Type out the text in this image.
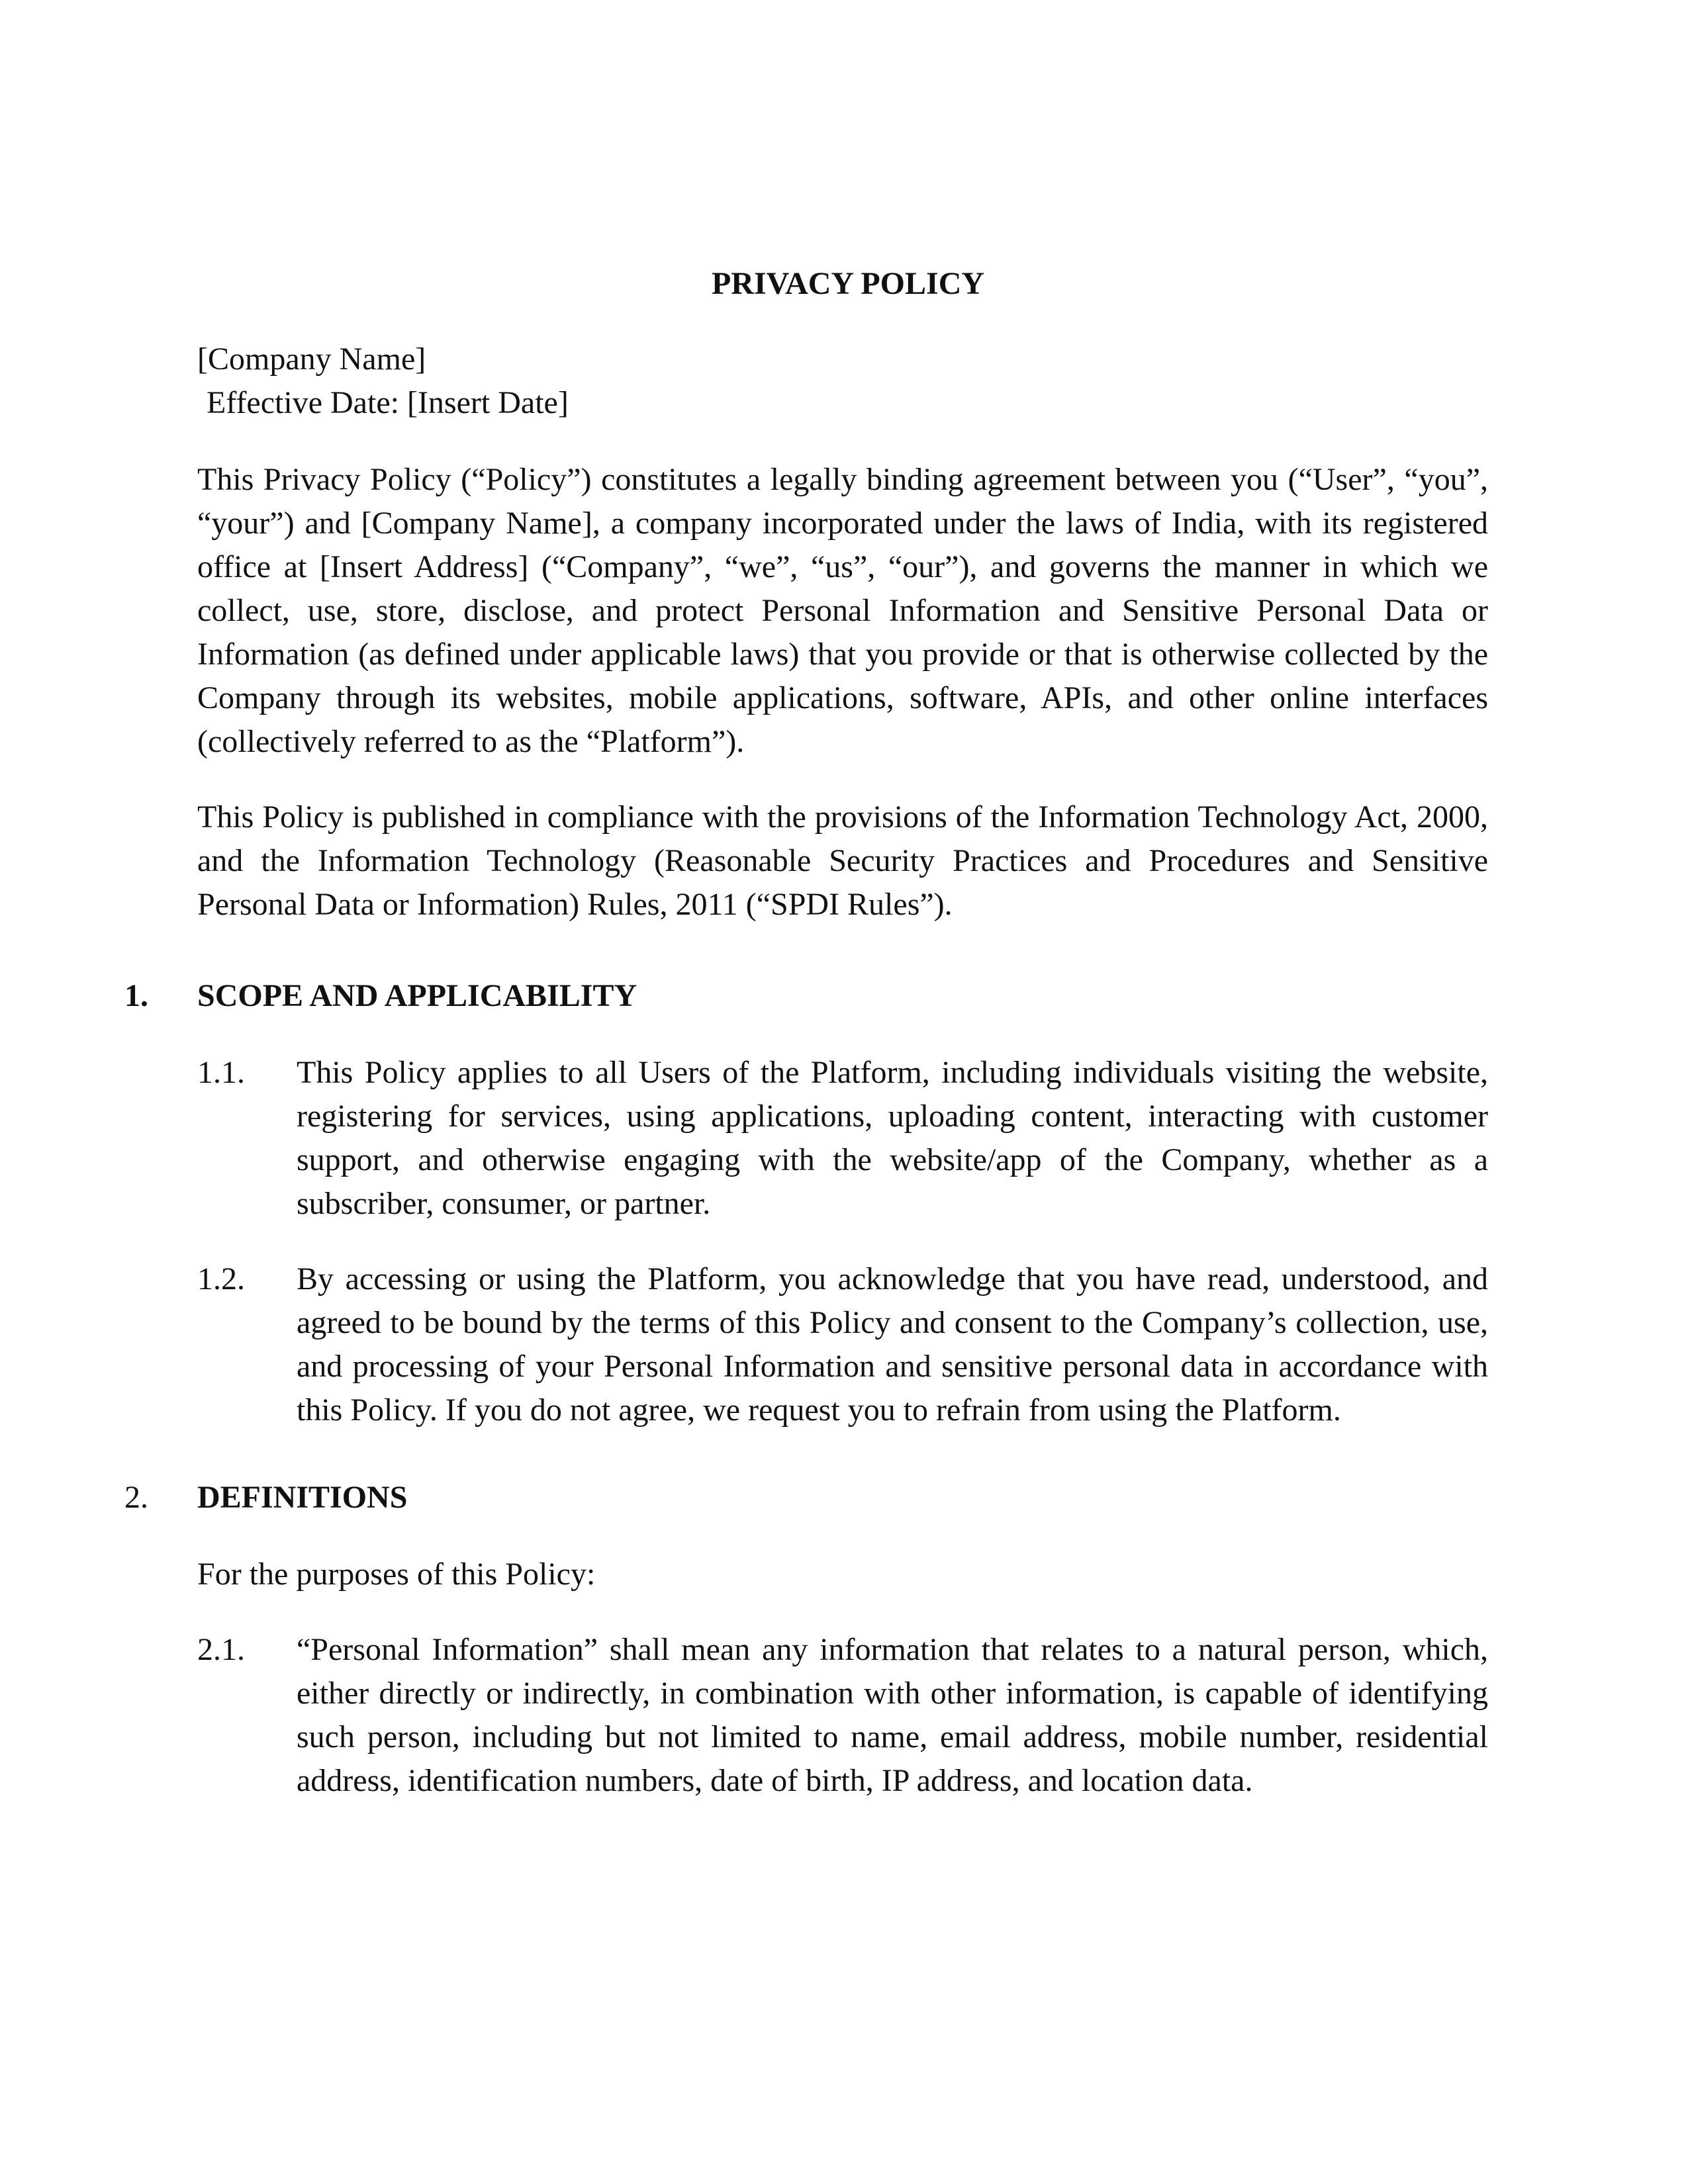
PRIVACY POLICY
[Company Name]
Effective Date: [Insert Date]

This Privacy Policy (“Policy”) constitutes a legally binding agreement between you (“User”, “you”, “your”) and [Company Name], a company incorporated under the laws of India, with its registered office at [Insert Address] (“Company”, “we”, “us”, “our”), and governs the manner in which we collect, use, store, disclose, and protect Personal Information and Sensitive Personal Data or Information (as defined under applicable laws) that you provide or that is otherwise collected by the Company through its websites, mobile applications, software, APIs, and other online interfaces (collectively referred to as the “Platform”).

This Policy is published in compliance with the provisions of the Information Technology Act, 2000, and the Information Technology (Reasonable Security Practices and Procedures and Sensitive Personal Data or Information) Rules, 2011 (“SPDI Rules”).

1. SCOPE AND APPLICABILITY
1.1. This Policy applies to all Users of the Platform, including individuals visiting the website, registering for services, using applications, uploading content, interacting with customer support, and otherwise engaging with the website/app of the Company, whether as a subscriber, consumer, or partner.
1.2. By accessing or using the Platform, you acknowledge that you have read, understood, and agreed to be bound by the terms of this Policy and consent to the Company’s collection, use, and processing of your Personal Information and sensitive personal data in accordance with this Policy. If you do not agree, we request you to refrain from using the Platform.
2. DEFINITIONS
For the purposes of this Policy:
2.1. “Personal Information” shall mean any information that relates to a natural person, which, either directly or indirectly, in combination with other information, is capable of identifying such person, including but not limited to name, email address, mobile number, residential address, identification numbers, date of birth, IP address, and location data.
